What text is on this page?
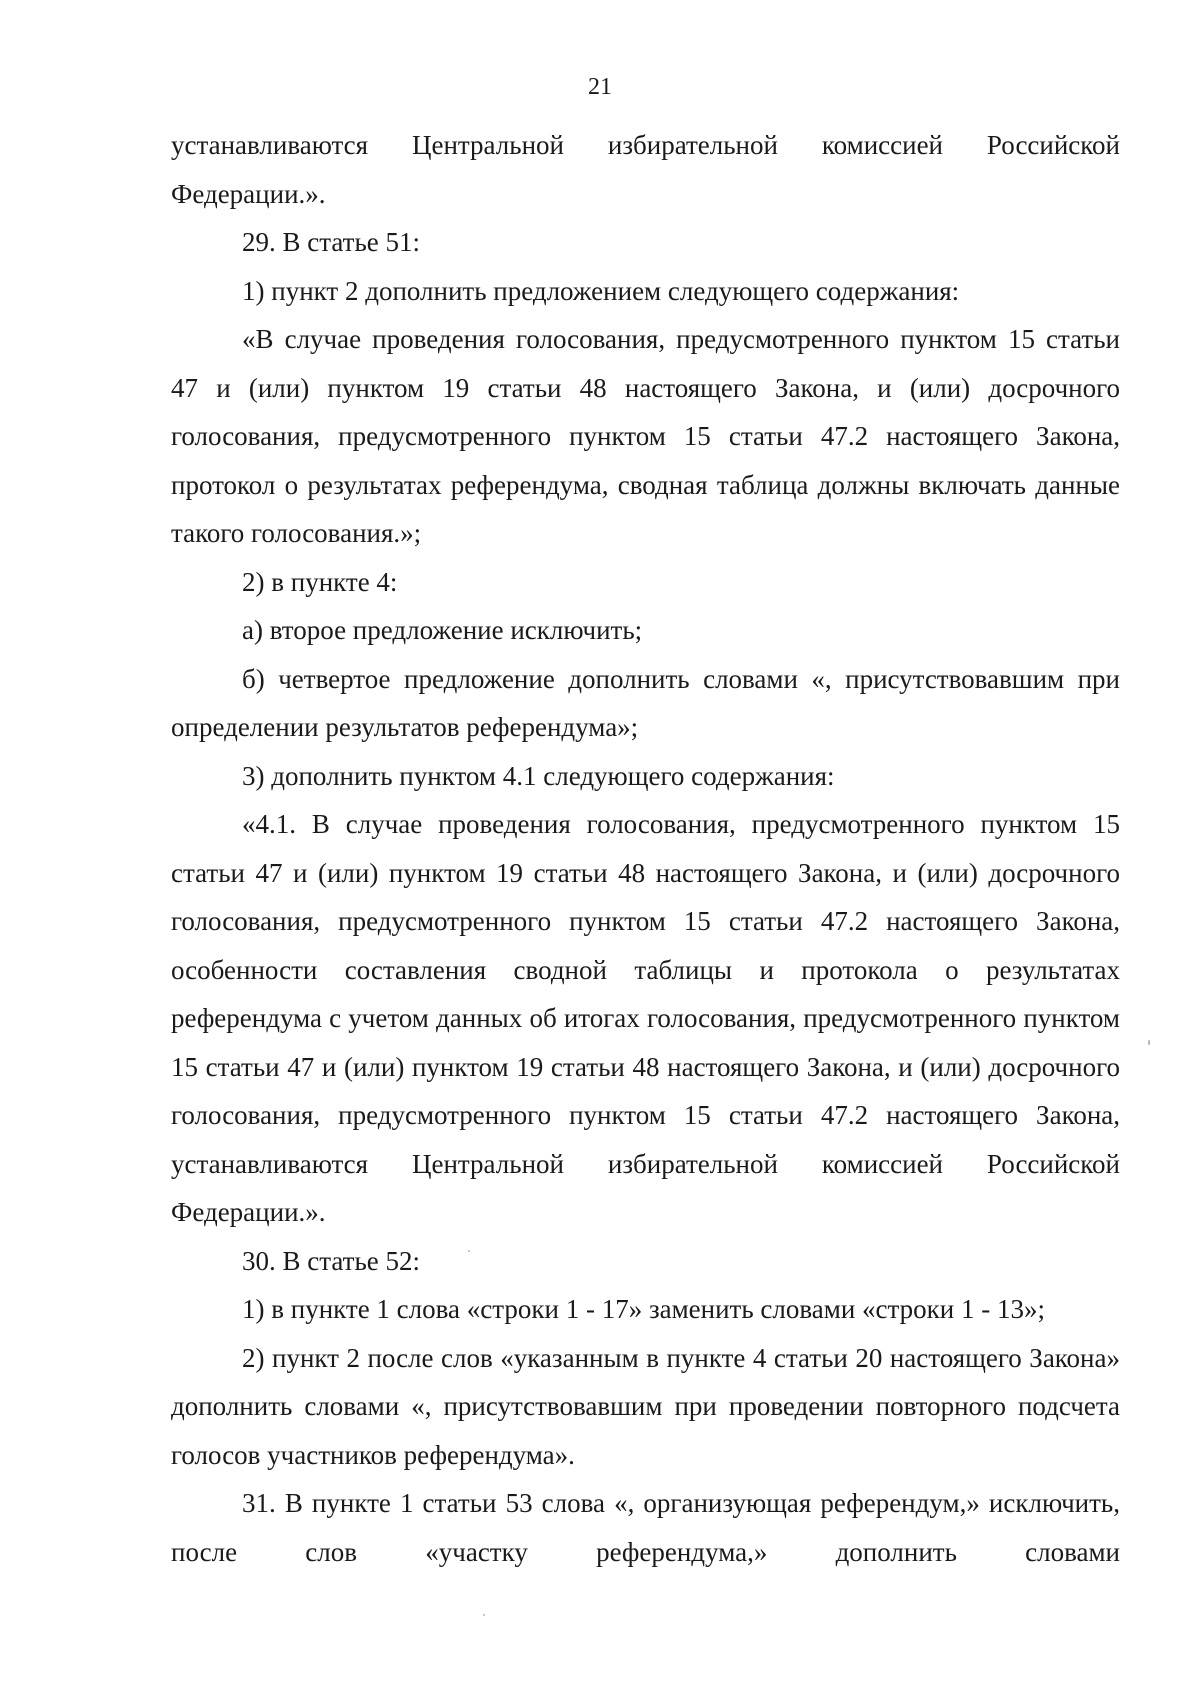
21

устанавливаются Центральной избирательной комиссией Российской Федерации.».

29. В статье 51:

1) пункт 2 дополнить предложением следующего содержания:

«В случае проведения голосования, предусмотренного пунктом 15 статьи 47 и (или) пунктом 19 статьи 48 настоящего Закона, и (или) досрочного голосования, предусмотренного пунктом 15 статьи 47.2 настоящего Закона, протокол о результатах референдума, сводная таблица должны включать данные такого голосования.»;

2) в пункте 4:

а) второе предложение исключить;

б) четвертое предложение дополнить словами «, присутствовавшим при определении результатов референдума»;

3) дополнить пунктом 4.1 следующего содержания:

«4.1. В случае проведения голосования, предусмотренного пунктом 15 статьи 47 и (или) пунктом 19 статьи 48 настоящего Закона, и (или) досрочного голосования, предусмотренного пунктом 15 статьи 47.2 настоящего Закона, особенности составления сводной таблицы и протокола о результатах референдума с учетом данных об итогах голосования, предусмотренного пунктом 15 статьи 47 и (или) пунктом 19 статьи 48 настоящего Закона, и (или) досрочного голосования, предусмотренного пунктом 15 статьи 47.2 настоящего Закона, устанавливаются Центральной избирательной комиссией Российской Федерации.».

30. В статье 52:

1) в пункте 1 слова «строки 1 - 17» заменить словами «строки 1 - 13»;

2) пункт 2 после слов «указанным в пункте 4 статьи 20 настоящего Закона» дополнить словами «, присутствовавшим при проведении повторного подсчета голосов участников референдума».

31. В пункте 1 статьи 53 слова «, организующая референдум,» исключить, после слов «участку референдума,» дополнить словами
